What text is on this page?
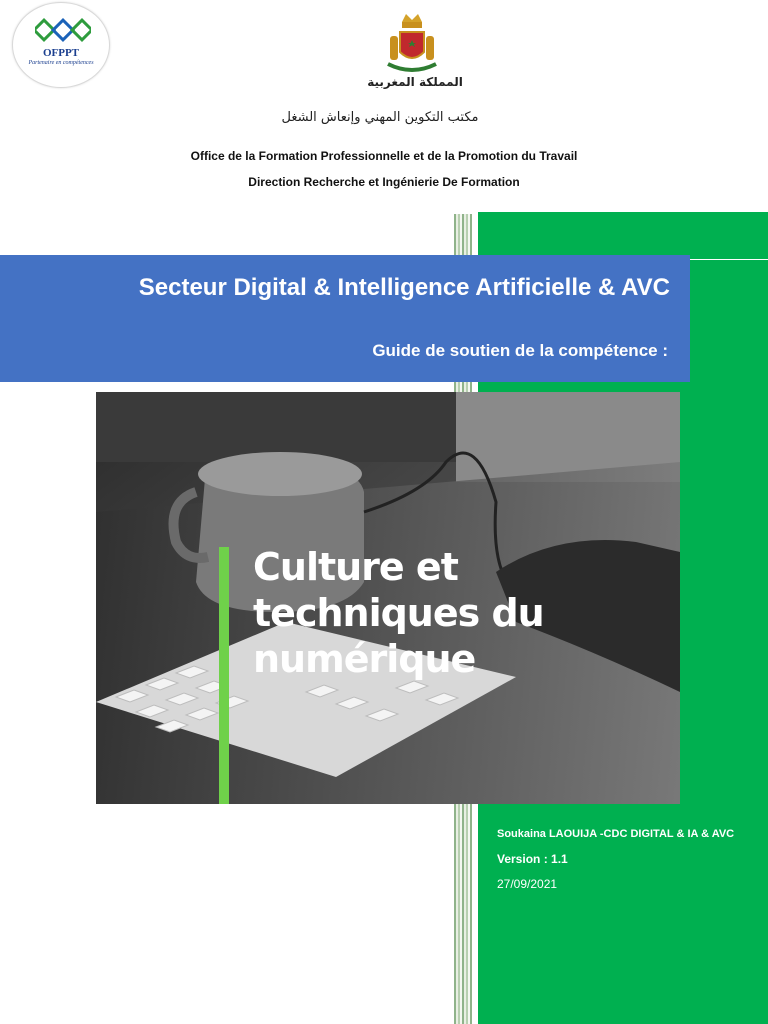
OFPPT
Partenaire en compétences
المملكة المغربية
مكتب التكوين المهني وإنعاش الشغل
Office de la Formation Professionnelle et de la Promotion du Travail
Direction Recherche et Ingénierie De Formation
Secteur Digital & Intelligence Artificielle & AVC
Guide de soutien de la compétence :
Culture et
techniques du
numérique
Soukaina LAOUIJA -CDC DIGITAL & IA & AVC
Version : 1.1
27/09/2021
